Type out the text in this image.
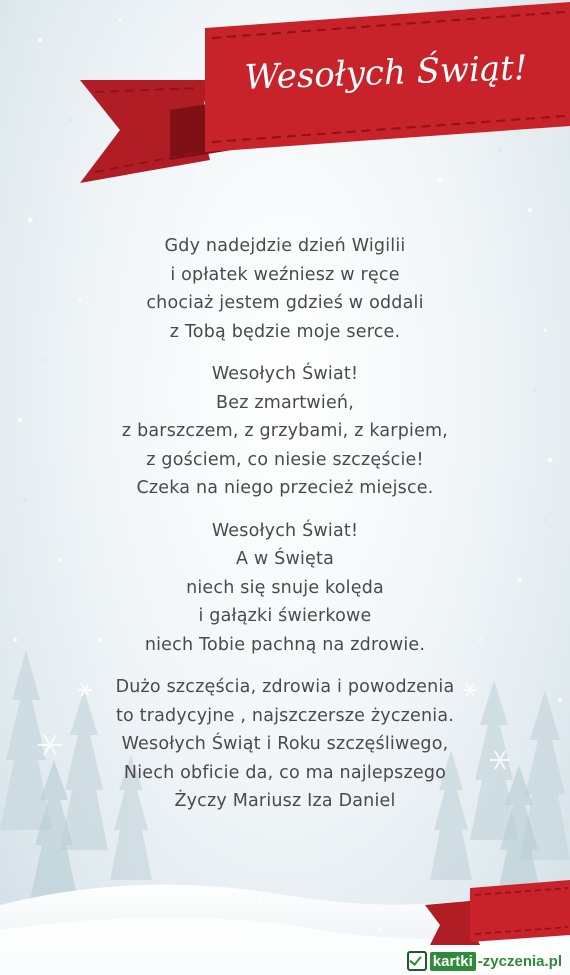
Wesołych Świąt!
Gdy nadejdzie dzień Wigilii
i opłatek weźniesz w ręce
chociaż jestem gdzieś w oddali
z Tobą będzie moje serce.
Wesołych Świat!
Bez zmartwień,
z barszczem, z grzybami, z karpiem,
z gościem, co niesie szczęście!
Czeka na niego przecież miejsce.
Wesołych Świat!
A w Święta
niech się snuje kolęda
i gałązki świerkowe
niech Tobie pachną na zdrowie.
Dużo szczęścia, zdrowia i powodzenia
to tradycyjne , najszczersze życzenia.
Wesołych Świąt i Roku szczęśliwego,
Niech obficie da, co ma najlepszego
Życzy Mariusz Iza Daniel
kartki -zyczenia.pl
